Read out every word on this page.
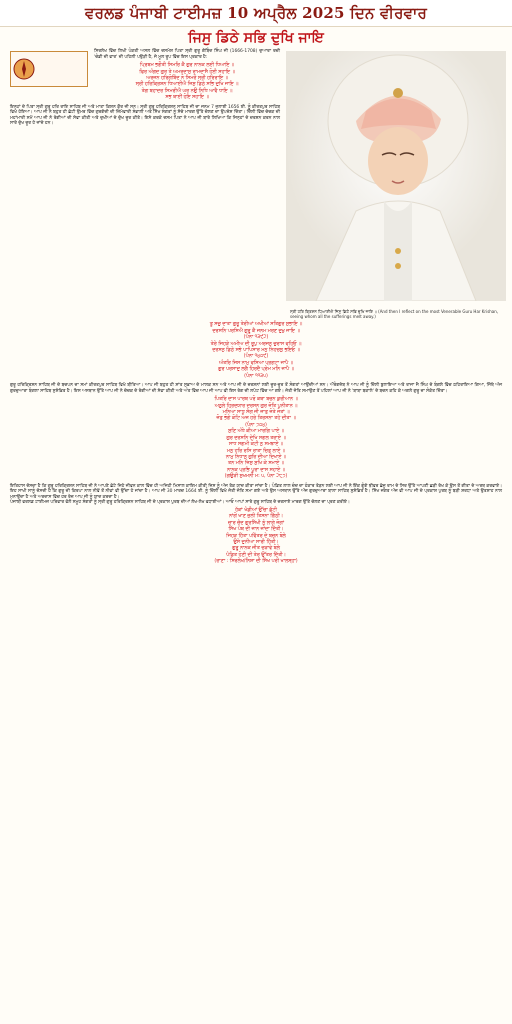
ਵਰਲਡ ਪੰਜਾਬੀ ਟਾਈਮਜ਼ 10 ਅਪ੍ਰੈਲ 2025 ਦਿਨ ਵੀਰਵਾਰ
ਜਿਸੁ ਡਿਠੇ ਸਭਿ ਦੁਖਿ ਜਾਇ

ਸਿਰਲੇਖ ਵਿੱਚ ਲਿਖੀ ਪੰਕਤੀ ਅਸਲ ਵਿੱਚ ਦਸਮੇਸ਼ ਪਿਤਾ ਸ੍ਰੀ ਗੁਰੂ ਗੋਬਿੰਦ ਸਿੰਘ ਜੀ (1666-1708) ਦੁਆਰਾ ਰਚੀ 'ਚੰਡੀ ਦੀ ਵਾਰ' ਦੀ ਪਹਿਲੀ ਪਉੜੀ ਹੈ, ਜੋ ਮੂਲ ਰੂਪ ਵਿੱਚ ਇਸ ਪ੍ਰਕਾਰ ਹੈ:

ਪ੍ਰਿਥਮ ਭਗੌਤੀ ਸਿਮਰਿ ਕੈ ਗੁਰ ਨਾਨਕ ਲਈ ਧਿਆਇ ॥

ਫਿਰ ਅੰਗਦ ਗੁਰ ਤੇ ਅਮਰਦਾਸੁ ਰਾਮਦਾਸੈ ਹੋਈ ਸਹਾਇ ॥

ਅਰਜਨ ਹਰਿਗੋਬਿੰਦ ਨੋ ਸਿਮਰੌ ਸ੍ਰੀ ਹਰਿਰਾਇ ॥

ਸ੍ਰੀ ਹਰਿਕ੍ਰਿਸ਼ਨ ਧਿਆਈਐ ਜਿਸੁ ਡਿਠੇ ਸਭਿ ਦੁਖਿ ਜਾਇ ॥

ਤੇਗ ਬਹਾਦਰ ਸਿਮਰੀਐ ਘਰ ਨਉ ਨਿਧਿ ਆਵੈ ਧਾਇ ॥

ਸਭ ਥਾਈਂ ਹੋਇ ਸਹਾਇ ॥

ਇਨ੍ਹਾਂ ਦੇ ਪਿਤਾ ਸ੍ਰੀ ਗੁਰੂ ਹਰਿ ਰਾਇ ਸਾਹਿਬ ਜੀ ਅਤੇ ਮਾਤਾ ਕਿਸ਼ਨ ਕੌਰ ਜੀ ਸਨ। ਸ੍ਰੀ ਗੁਰੂ ਹਰਿਕ੍ਰਿਸ਼ਨ ਸਾਹਿਬ ਜੀ ਦਾ ਜਨਮ 7 ਜੁਲਾਈ 1656 ਈ. ਨੂੰ ਕੀਰਤਪੁਰ ਸਾਹਿਬ ਵਿਖੇ ਹੋਇਆ। ਆਪ ਜੀ ਨੇ ਬਹੁਤ ਹੀ ਛੋਟੀ ਉਮਰ ਵਿੱਚ ਗੁਰਗੱਦੀ ਦੀ ਜ਼ਿੰਮੇਵਾਰੀ ਸੰਭਾਲੀ ਅਤੇ ਸਿੱਖ ਸੰਗਤਾਂ ਨੂੰ ਸੱਚੇ ਮਾਰਗ ਉੱਤੇ ਚੱਲਣ ਦਾ ਉਪਦੇਸ਼ ਦਿੱਤਾ। ਦਿੱਲੀ ਵਿੱਚ ਚੇਚਕ ਦੀ ਮਹਾਂਮਾਰੀ ਸਮੇਂ ਆਪ ਜੀ ਨੇ ਰੋਗੀਆਂ ਦੀ ਸੇਵਾ ਕੀਤੀ ਅਤੇ ਦੁਖੀਆਂ ਦੇ ਦੁੱਖ ਦੂਰ ਕੀਤੇ। ਇਸੇ ਕਰਕੇ ਦਸਮ ਪਿਤਾ ਨੇ ਆਪ ਜੀ ਬਾਰੇ ਲਿਖਿਆ ਕਿ ਜਿਨ੍ਹਾਂ ਦੇ ਦਰਸ਼ਨ ਕਰਨ ਨਾਲ ਸਾਰੇ ਦੁੱਖ ਦੂਰ ਹੋ ਜਾਂਦੇ ਹਨ।

ਸ੍ਰੀ ਹਰਿ ਕ੍ਰਿਸ਼ਨ ਧਿਆਈਐ ਜਿਸੁ ਡਿਠੇ ਸਭਿ ਦੁਖਿ ਜਾਇ ॥ (And then I reflect on the most Venerable Guru Har Krishan, seeing whom all the sufferings melt away.)

ਤੂ ਸਚੁ ਦਾਤਾ ਗੁਰੂ ਤੇਰੀਆਂ ਅਖੀਆਂ ਸਤਿਗੁਰ ਸੁਭਾਇ ॥

ਦਰਸਨਿ ਪਰਸਿਐ ਗੁਰੂ ਕੈ ਜਨਮ ਮਰਣ ਦੁਖੁ ਜਾਇ ॥

(ਪੰਨਾ ੧੩੯੨)

ਤੇਰੇ ਜਿਹੜੇ ਅਮੀਅ ਦੀ ਰੂਪੁ ਅਰਜਨੁ ਚੁਰਾਸ ਵਹਿਓ ॥

ਦਰਸਨੁ ਡਿਠੇ ਸਭੇ ਪਾਪਿਸਾਰ ਮਨੁ ਨਿਹਚਲੁ ਭਇਓ ॥

(ਪੰਨਾ ੧੪੦੯)

ਅੰਤਰਿ ਜਿਸ ਨਾਮੁ ਵਸਿਆ ਪ੍ਰਗਟਾ ਜਾਪੈ ॥

ਗੁਰ ਪਰਸਾਦੁ ਲਗੈ ਹਿਰਦੈ ਪ੍ਰੇਮ ਮਨਿ ਜਾਪੈ ॥

(ਪੰਨਾ ੧੧੩੫)

ਗੁਰੂ ਹਰਿਕ੍ਰਿਸ਼ਨ ਸਾਹਿਬ ਜੀ ਦੇ ਬਚਪਨ ਦਾ ਸਮਾਂ ਕੀਰਤਪੁਰ ਸਾਹਿਬ ਵਿਖੇ ਬੀਤਿਆ। ਆਪ ਜੀ ਬਹੁਤ ਹੀ ਸ਼ਾਂਤ ਸੁਭਾਅ ਦੇ ਮਾਲਕ ਸਨ ਅਤੇ ਆਪ ਜੀ ਦੇ ਦਰਸ਼ਨਾਂ ਲਈ ਦੂਰ-ਦੂਰ ਤੋਂ ਸੰਗਤਾਂ ਆਉਂਦੀਆਂ ਸਨ। ਔਰੰਗਜ਼ੇਬ ਨੇ ਆਪ ਜੀ ਨੂੰ ਦਿੱਲੀ ਬੁਲਾਇਆ ਅਤੇ ਰਾਜਾ ਜੈ ਸਿੰਘ ਦੇ ਬੰਗਲੇ ਵਿੱਚ ਠਹਿਰਾਇਆ ਗਿਆ, ਜਿੱਥੇ ਅੱਜ ਗੁਰਦੁਆਰਾ ਬੰਗਲਾ ਸਾਹਿਬ ਸੁਸ਼ੋਭਿਤ ਹੈ। ਇਸ ਅਸਥਾਨ ਉੱਤੇ ਆਪ ਜੀ ਨੇ ਚੇਚਕ ਦੇ ਰੋਗੀਆਂ ਦੀ ਸੇਵਾ ਕੀਤੀ ਅਤੇ ਅੰਤ ਵਿੱਚ ਆਪ ਜੀ ਆਪ ਵੀ ਇਸ ਰੋਗ ਦੀ ਲਪੇਟ ਵਿੱਚ ਆ ਗਏ। ਜੋਤੀ ਜੋਤਿ ਸਮਾਉਣ ਤੋਂ ਪਹਿਲਾਂ ਆਪ ਜੀ ਨੇ 'ਬਾਬਾ ਬਕਾਲੇ' ਦੇ ਬਚਨ ਕਹਿ ਕੇ ਅਗਲੇ ਗੁਰੂ ਦਾ ਸੰਕੇਤ ਦਿੱਤਾ।

ਪਿਤਰਿ ਦਾਸ ਪਾਰਥ ਪਰੋ ਕਥਾ ਬਚਨ ਕੁਰੀਆਨ ॥

ਅਠੁਲੇ ਹ੍ਰਿਦਯਾਰ ਦਰਸਨ ਗੁਰ ਜੋਤਿ ਪੁਨੀਤਾਨ ॥

ਮਨਿਆ ਸਾਧੂ ਸੰਗ ਜੀ ਜਾਤੁ ਜੋਤੇ ਜੋਤਾਂ ॥

ਜੋਤੁ ਭੋਗੇ ਕੋਟਿ ਅਜ ਹਰੇ ਤਿਰਸਨਾ ਤਹੇ ਦੀਤਾ ॥

(ਪੰਨਾ ੭੦੪)

ਸੁਣਿ ਅੰਧੇ ਕੀਆ ਮਾਰਗਿ ਪਾਏ ॥

ਗੁਰ ਦਰਸਨਿ ਦੇਖਿ ਸਗਲ ਤਰਾਏ ॥

ਸਾਧ ਸਗਮੀ ਕੋਟੀ ਨੁ ਸਮਝਾਏ ॥

ਮਨੁ ਹਰਿ ਰਸਿ ਰਾਤਾ ਚਿਤੁ ਲਾਏ ॥

ਨਾਮੁ ਨਿਧਾਨੁ ਗੁਰਿ ਦੀਆ ਦਿਖਾਏ ॥

ਤਨ ਮਨਿ ਜਿਸੁ ਸੁਖਿ ਕੇ ਸਮਾਏ ॥

ਨਾਨਕ ਪ੍ਰਭਿ ਪੂਰਾ ਦਾਸ ਸਹਾਏ ॥

(ਗਉੜੀ ਸੁਖਮਨੀ ਮ: ੫, ਪੰਨਾ ੨੮੭)

ਇਤਿਹਾਸ ਦੱਸਦਾ ਹੈ ਕਿ ਗੁਰੂ ਹਰਿਕ੍ਰਿਸ਼ਨ ਸਾਹਿਬ ਜੀ ਨੇ ਆਪਣੇ ਛੋਟੇ ਜਿਹੇ ਜੀਵਨ ਕਾਲ ਵਿੱਚ ਹੀ ਅਜਿਹੀ ਮਿਸਾਲ ਕਾਇਮ ਕੀਤੀ ਜਿਸ ਨੂੰ ਅੱਜ ਤੱਕ ਯਾਦ ਕੀਤਾ ਜਾਂਦਾ ਹੈ। ਪੰਡਿਤ ਲਾਲ ਚੰਦ ਦਾ ਹੰਕਾਰ ਤੋੜਨ ਲਈ ਆਪ ਜੀ ਨੇ ਇੱਕ ਗੂੰਗੇ ਝੀਵਰ ਛੱਜੂ ਰਾਮ ਦੇ ਸਿਰ ਉੱਤੇ ਆਪਣੀ ਛੜੀ ਰੱਖ ਕੇ ਉਸ ਤੋਂ ਗੀਤਾ ਦੇ ਅਰਥ ਕਰਵਾਏ। ਇਹ ਸਾਖੀ ਸਾਨੂੰ ਦੱਸਦੀ ਹੈ ਕਿ ਗੁਰੂ ਦੀ ਕਿਰਪਾ ਨਾਲ ਨੀਵੇਂ ਤੋਂ ਨੀਵਾਂ ਵੀ ਉੱਚਾ ਹੋ ਜਾਂਦਾ ਹੈ। ਆਪ ਜੀ 30 ਮਾਰਚ 1664 ਈ. ਨੂੰ ਦਿੱਲੀ ਵਿਖੇ ਜੋਤੀ ਜੋਤਿ ਸਮਾ ਗਏ ਅਤੇ ਉਸ ਅਸਥਾਨ ਉੱਤੇ ਅੱਜ ਗੁਰਦੁਆਰਾ ਬਾਲਾ ਸਾਹਿਬ ਸੁਸ਼ੋਭਿਤ ਹੈ। ਸਿੱਖ ਜਗਤ ਅੱਜ ਵੀ ਆਪ ਜੀ ਦੇ ਪ੍ਰਕਾਸ਼ ਪੁਰਬ ਨੂੰ ਬੜੀ ਸ਼ਰਧਾ ਅਤੇ ਉਤਸ਼ਾਹ ਨਾਲ ਮਨਾਉਂਦਾ ਹੈ ਅਤੇ ਅਰਦਾਸ ਵਿੱਚ ਹਰ ਰੋਜ਼ ਆਪ ਜੀ ਨੂੰ ਯਾਦ ਕਰਦਾ ਹੈ।

ਪੰਜਾਬੀ ਵਰਲਡ ਟਾਈਮਜ਼ ਪਰਿਵਾਰ ਵੱਲੋਂ ਸਮੂਹ ਸੰਗਤਾਂ ਨੂੰ ਸ੍ਰੀ ਗੁਰੂ ਹਰਿਕ੍ਰਿਸ਼ਨ ਸਾਹਿਬ ਜੀ ਦੇ ਪ੍ਰਕਾਸ਼ ਪੁਰਬ ਦੀਆਂ ਲੱਖ-ਲੱਖ ਵਧਾਈਆਂ। ਆਓ ਆਪਾਂ ਸਾਰੇ ਗੁਰੂ ਸਾਹਿਬ ਦੇ ਦਰਸਾਏ ਮਾਰਗ ਉੱਤੇ ਚੱਲਣ ਦਾ ਪ੍ਰਣ ਕਰੀਏ।

ਹੱਕਾਂ ਖੰਡੀਆਂ ਉੱਚਾ ਛੱਟੀ

ਨਾਂਗੋਂ ਖਾਣ ਜੁਲੀ ਤਿਸਨਾ ਗਿੱਠੀ।

ਚਾਰ ਚੰਦ ਗੁਰਸਿੱਖੀ ਨੂੰ ਲਾਗੇ ਜੋਗਾਂ

ਸਿੱਖ ਪੰਥ ਦੀ ਜਾਨ ਜਾਂਦਾ ਦਿੱਤੀ।

ਜਿਹੜ ਹਿੱਤਾ ਪਵਿੱਤਰ ਦੇ ਬਚਨ ਬੋਲੇ

ਉਸੇ ਦੁਨੀਆ ਸਾਰੀ ਹਿੱਤੀ।

ਗੁਰੂ ਨਾਨਕ ਜੀਤ ਚੜਾਵੇ ਬੋਲੇ

ਪੰਡਿਤ ਹੋਣੀ ਦੀ ਤੇਰ ਉੱਤਰ ਦਿੱਤੀ।

(ਰਾਣਾ : ਸਿਰਲੇਖ/ਨਿਸ਼ਾ ਦੀ ਸਿੱਖ ਪਰੀ ਖਾਲਸ੍ਹਾ)
